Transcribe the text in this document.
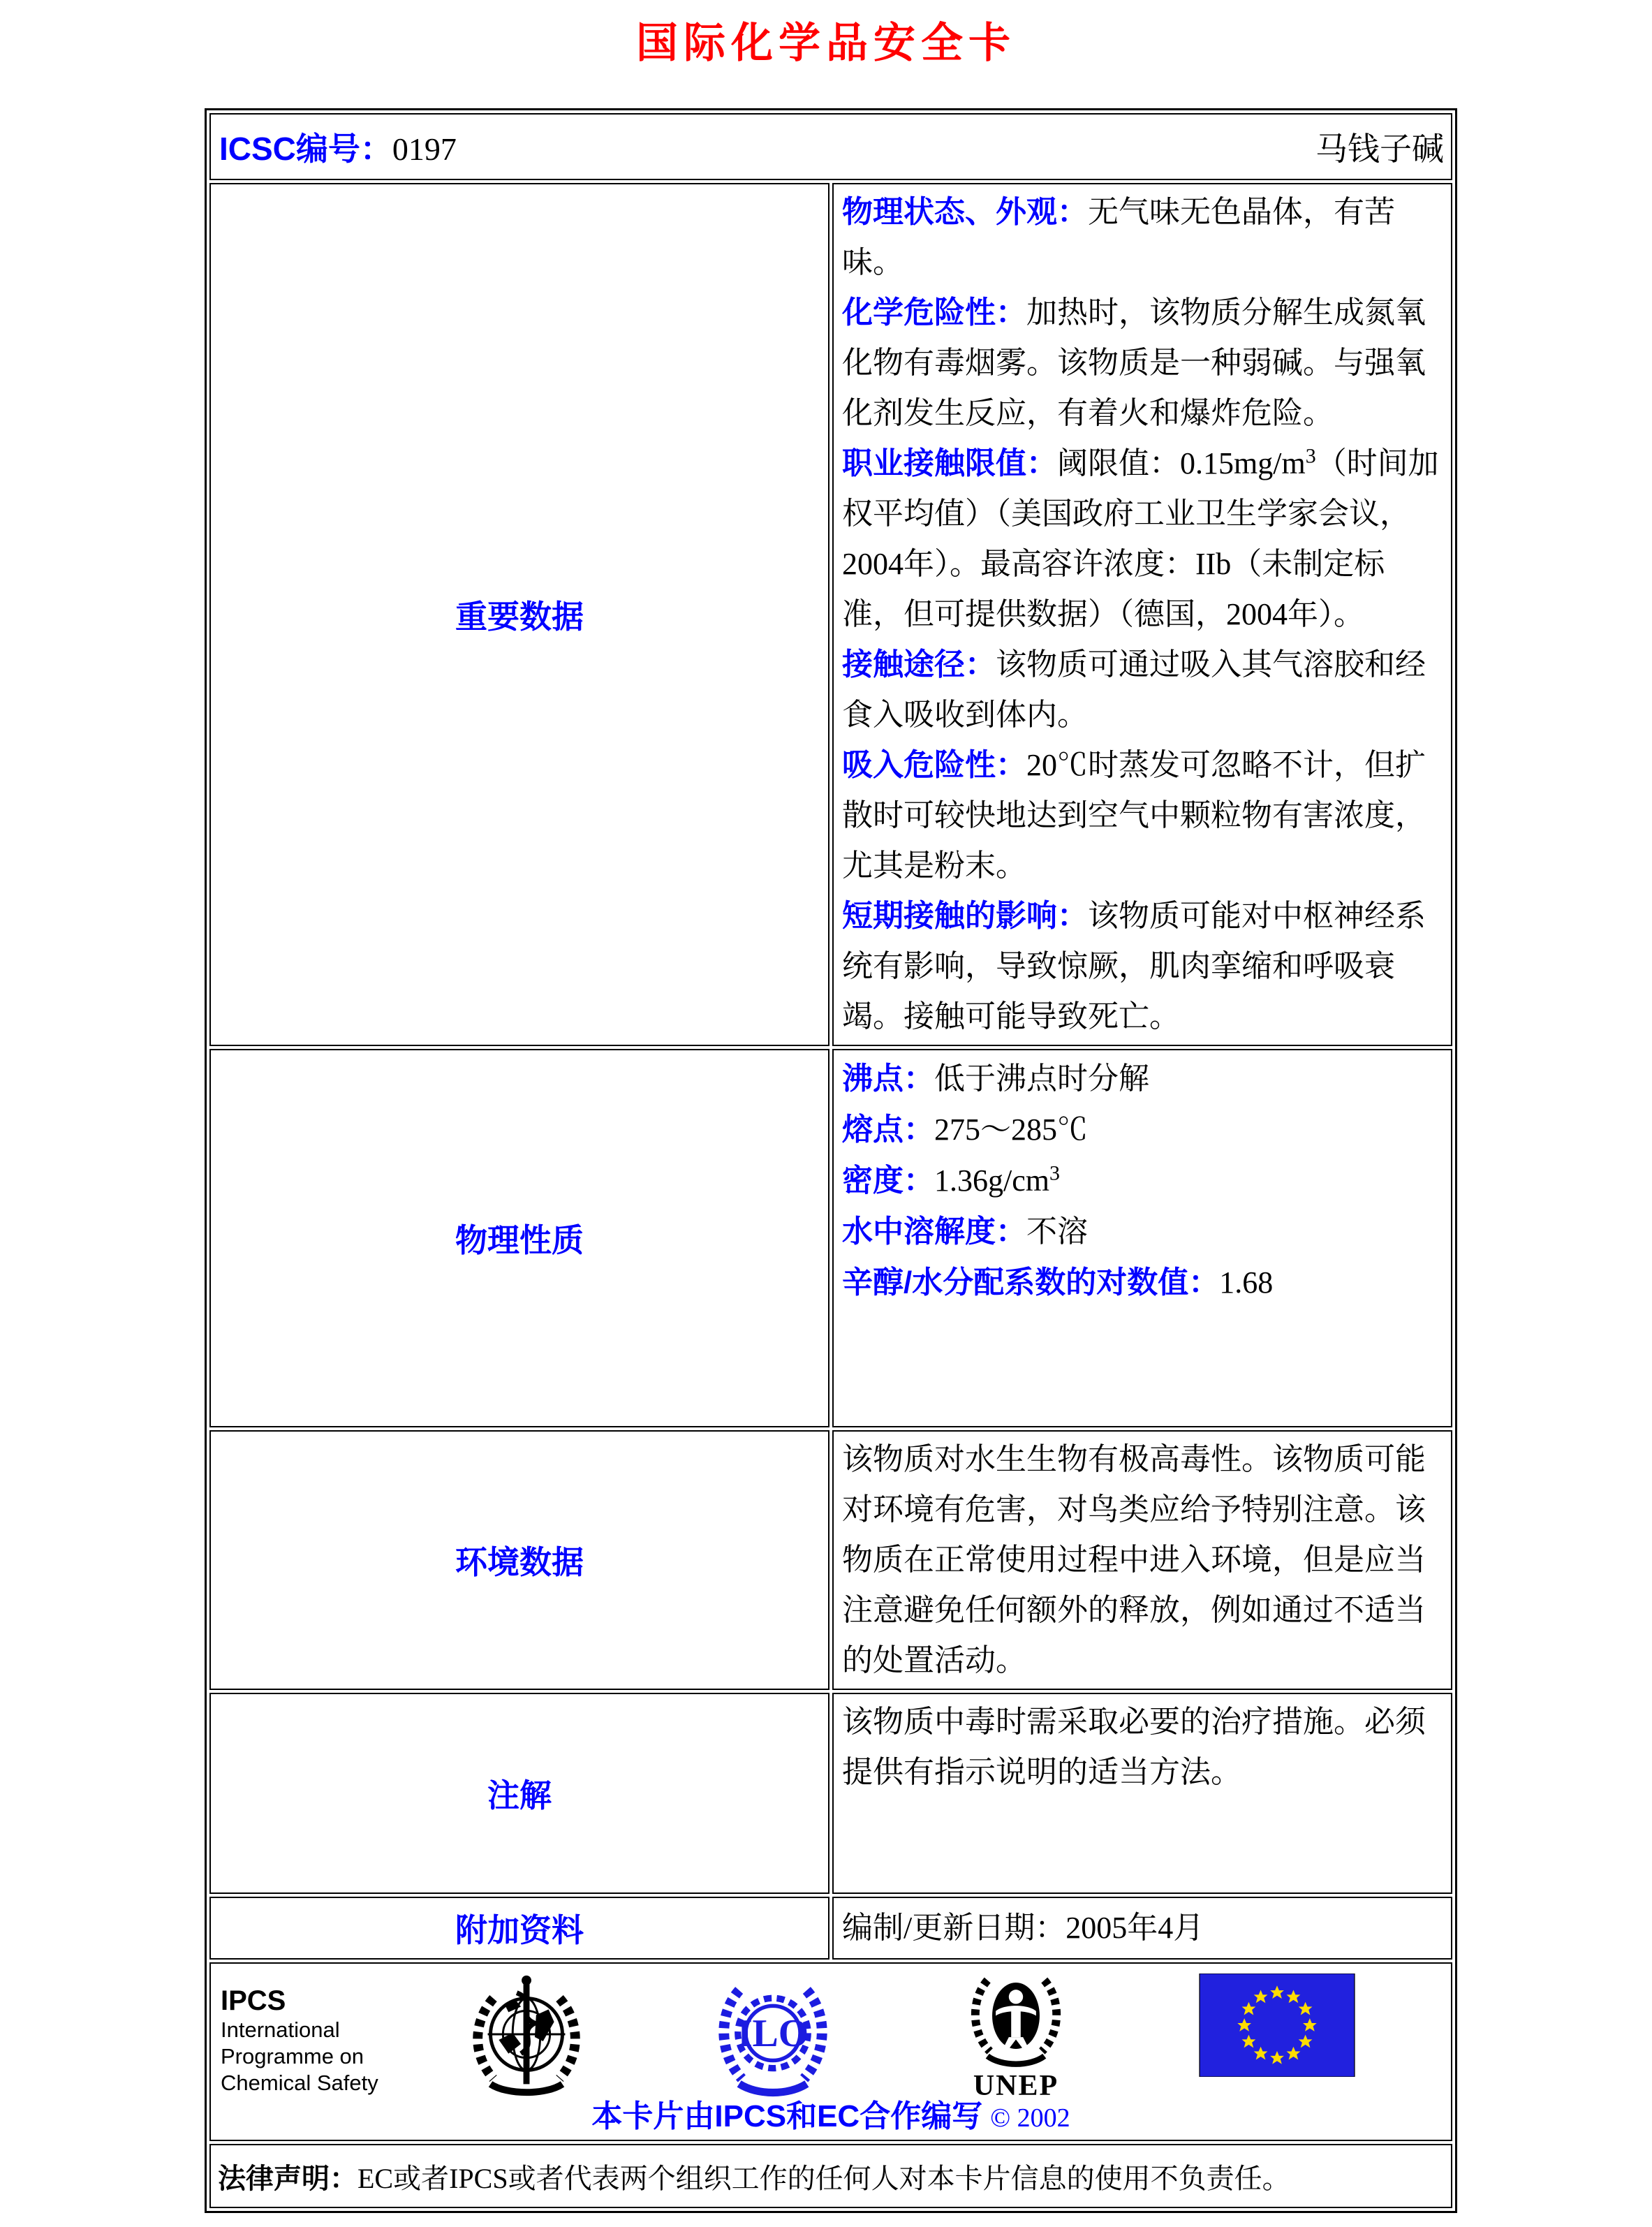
国际化学品安全卡
ICSC编号：0197 马钱子碱	

重要数据	
物理状态、外观：无气味无色晶体，有苦味。
化学危险性：加热时，该物质分解生成氮氧化物有毒烟雾。该物质是一种弱碱。与强氧化剂发生反应，有着火和爆炸危险。
职业接触限值：阈限值：$0.15mg/m^3$（时间加权平均值）（美国政府工业卫生学家会议，2004年）。最高容许浓度：IIb（未制定标准，但可提供数据）（德国，2004年）。
接触途径：该物质可通过吸入其气溶胶和经食入吸收到体内。
吸入危险性：20℃时蒸发可忽略不计，但扩散时可较快地达到空气中颗粒物有害浓度，尤其是粉末。
短期接触的影响：该物质可能对中枢神经系统有影响，导致惊厥，肌肉挛缩和呼吸衰竭。接触可能导致死亡。

物理性质	沸点：低于沸点时分解
熔点：275～285℃
密度：$1.36g/cm^3$
水中溶解度：不溶
辛醇/水分配系数的对数值：1.68

环境数据	该物质对水生生物有极高毒性。该物质可能对环境有危害，对鸟类应给予特别注意。该物质在正常使用过程中进入环境，但是应当注意避免任何额外的释放，例如通过不适当的处置活动。

注解	该物质中毒时需采取必要的治疗措施。必须提供有指示说明的适当方法。

附加资料	编制/更新日期：2005年4月

IPCS
International
Programme on
Chemical Safety
ILO
UNEP
本卡片由IPCS和EC合作编写 © 2002

法律声明：EC或者IPCS或者代表两个组织工作的任何人对本卡片信息的使用不负责任。	
